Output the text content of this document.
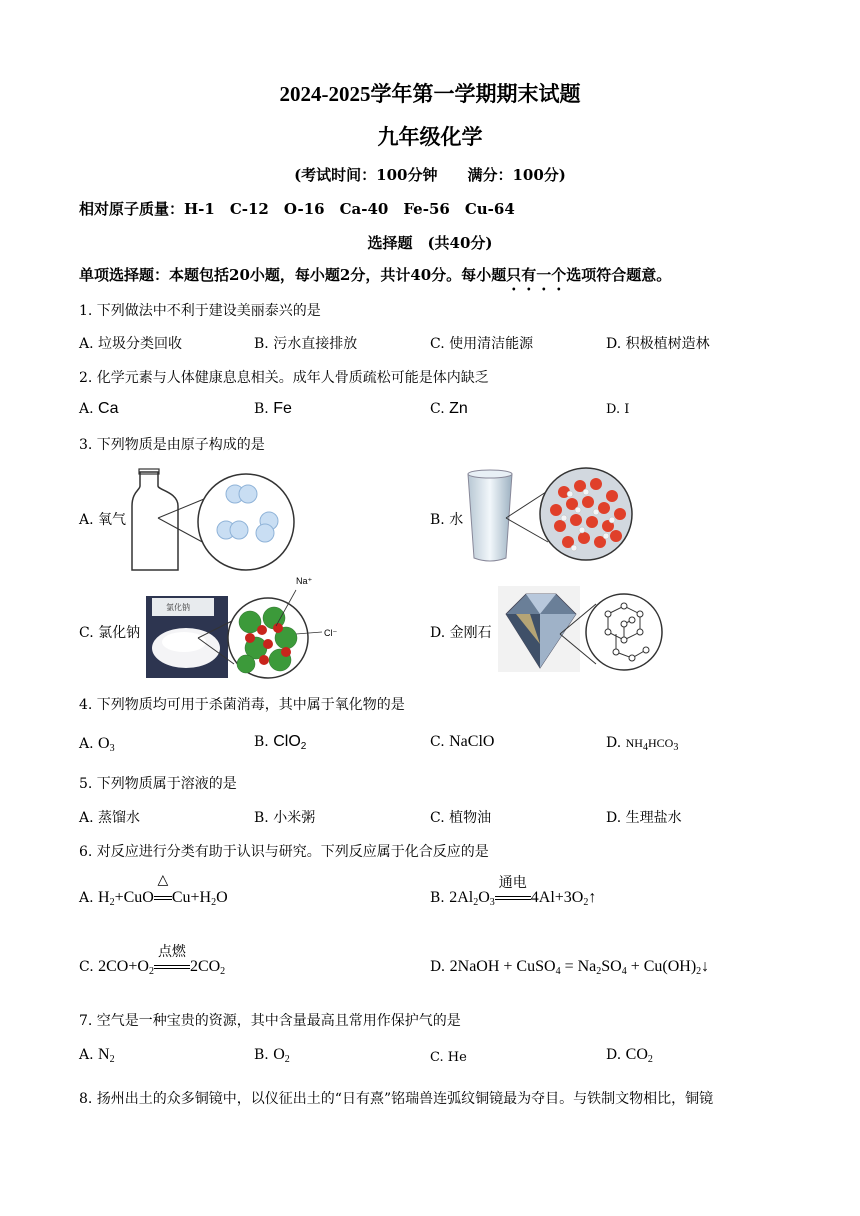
2024-2025学年第一学期期末试题
九年级化学
(考试时间：100分钟　　满分：100分)
相对原子质量：H-1　C-12　O-16　Ca-40　Fe-56　Cu-64
选择题　(共40分)
单项选择题：本题包括20小题，每小题2分，共计40分。每小题只有一个选项符合题意。
1. 下列做法中不利于建设美丽泰兴的是
A. 垃圾分类回收	B. 污水直接排放	C. 使用清洁能源	D. 积极植树造林
2. 化学元素与人体健康息息相关。成年人骨质疏松可能是体内缺乏
A. Ca	B. Fe	C. Zn	D. I
3. 下列物质是由原子构成的是
A. 氧气	B. 水
C. 氯化钠
氯化钠
Na⁺
Cl⁻	D. 金刚石
4. 下列物质均可用于杀菌消毒，其中属于氧化物的是
A. $O_3$	B. ClO$_2$	C. NaClO	D. $NH_4HCO_3$
5. 下列物质属于溶液的是
A. 蒸馏水	B. 小米粥	C. 植物油	D. 生理盐水
6. 对反应进行分类有助于认识与研究。下列反应属于化合反应的是
A. $H_2+CuO$
△
$Cu+H_2O$	B. $2Al_2O_3$
通电
$4Al+3O_2↑$
C. $2CO+O_2$
点燃
$2CO_2$	D. 2NaOH + CuSO$_4$ = $Na_2SO_4$ + $Cu(OH)_2↓$
7. 空气是一种宝贵的资源，其中含量最高且常用作保护气的是
A. $N_2$	B. $O_2$	C. He	D. $CO_2$
8. 扬州出土的众多铜镜中，以仪征出土的“日有熹”铭瑞兽连弧纹铜镜最为夺目。与铁制文物相比，铜镜
